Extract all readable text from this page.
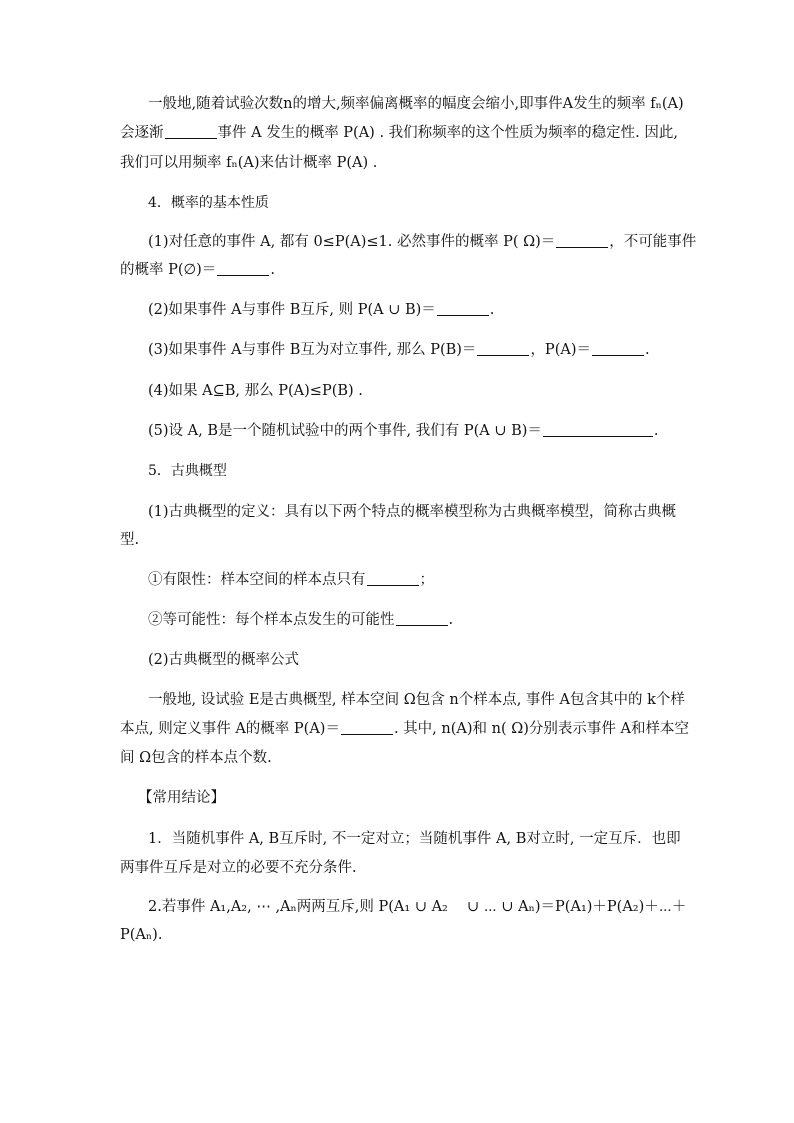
一般地,随着试验次数n的增大,频率偏离概率的幅度会缩小,即事件A发生的频率 fₙ(A)
会逐渐	事件 A 发生的概率 P(A) . 我们称频率的这个性质为频率的稳定性. 因此,
我们可以用频率 fₙ(A)来估计概率 P(A) .
4．概率的基本性质
(1)对任意的事件 A, 都有 0≤P(A)≤1. 必然事件的概率 P( Ω)＝	，不可能事件
的概率 P(∅)＝	.
(2)如果事件 A与事件 B互斥, 则 P(A ∪ B)＝	.
(3)如果事件 A与事件 B互为对立事件, 那么 P(B)＝	，P(A)＝	.
(4)如果 A⊆B, 那么 P(A)≤P(B) .
(5)设 A, B是一个随机试验中的两个事件, 我们有 P(A ∪ B)＝	.
5．古典概型
(1)古典概型的定义：具有以下两个特点的概率模型称为古典概率模型，简称古典概
型.
①有限性：样本空间的样本点只有	；
②等可能性：每个样本点发生的可能性	.
(2)古典概型的概率公式
一般地, 设试验 E是古典概型, 样本空间 Ω包含 n个样本点, 事件 A包含其中的 k个样
本点, 则定义事件 A的概率 P(A)＝	. 其中, n(A)和 n( Ω)分别表示事件 A和样本空
间 Ω包含的样本点个数.
【常用结论】
1．当随机事件 A, B互斥时, 不一定对立；当随机事件 A, B对立时, 一定互斥．也即
两事件互斥是对立的必要不充分条件.
2.若事件 A₁,A₂, ⋯ ,Aₙ两两互斥,则 P(A₁ ∪ A₂　 ∪ ⋯ ∪ Aₙ)＝P(A₁)＋P(A₂)＋⋯＋
P(Aₙ).
